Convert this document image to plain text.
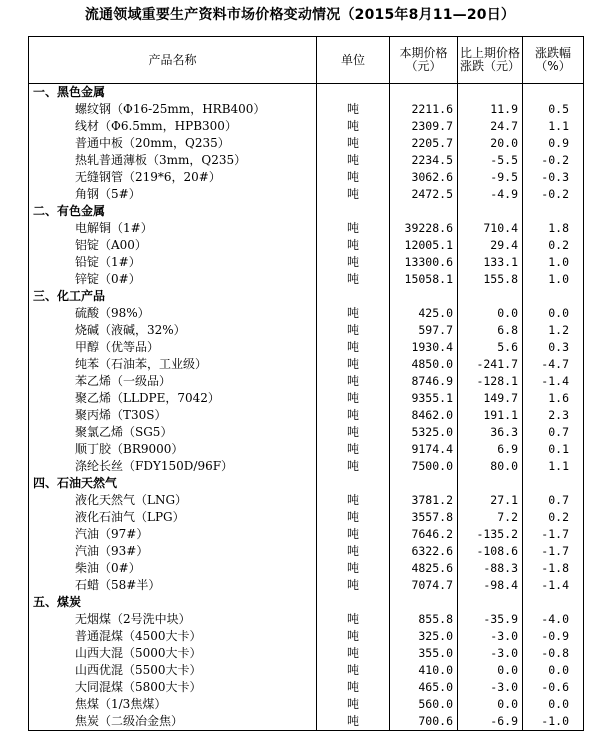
流通领域重要生产资料市场价格变动情况（2015年8月11—20日）
产品名称	单位	本期价格（元）	比上期价格涨跌（元）	涨跌幅（%）
一、黑色金属				
螺纹钢（Φ16-25mm，HRB400）	吨	2211.6	11.9	0.5
线材（Φ6.5mm，HPB300）	吨	2309.7	24.7	1.1
普通中板（20mm，Q235）	吨	2205.7	20.0	0.9
热轧普通薄板（3mm，Q235）	吨	2234.5	-5.5	-0.2
无缝钢管（219*6，20#）	吨	3062.6	-9.5	-0.3
角钢（5#）	吨	2472.5	-4.9	-0.2
二、有色金属				
电解铜（1#）	吨	39228.6	710.4	1.8
铝锭（A00）	吨	12005.1	29.4	0.2
铅锭（1#）	吨	13300.6	133.1	1.0
锌锭（0#）	吨	15058.1	155.8	1.0
三、化工产品				
硫酸（98%）	吨	425.0	0.0	0.0
烧碱（液碱，32%）	吨	597.7	6.8	1.2
甲醇（优等品）	吨	1930.4	5.6	0.3
纯苯（石油苯，工业级）	吨	4850.0	-241.7	-4.7
苯乙烯（一级品）	吨	8746.9	-128.1	-1.4
聚乙烯（LLDPE，7042）	吨	9355.1	149.7	1.6
聚丙烯（T30S）	吨	8462.0	191.1	2.3
聚氯乙烯（SG5）	吨	5325.0	36.3	0.7
顺丁胶（BR9000）	吨	9174.4	6.9	0.1
涤纶长丝（FDY150D/96F）	吨	7500.0	80.0	1.1
四、石油天然气				
液化天然气（LNG）	吨	3781.2	27.1	0.7
液化石油气（LPG）	吨	3557.8	7.2	0.2
汽油（97#）	吨	7646.2	-135.2	-1.7
汽油（93#）	吨	6322.6	-108.6	-1.7
柴油（0#）	吨	4825.6	-88.3	-1.8
石蜡（58#半）	吨	7074.7	-98.4	-1.4
五、煤炭				
无烟煤（2号洗中块）	吨	855.8	-35.9	-4.0
普通混煤（4500大卡）	吨	325.0	-3.0	-0.9
山西大混（5000大卡）	吨	355.0	-3.0	-0.8
山西优混（5500大卡）	吨	410.0	0.0	0.0
大同混煤（5800大卡）	吨	465.0	-3.0	-0.6
焦煤（1/3焦煤）	吨	560.0	0.0	0.0
焦炭（二级冶金焦）	吨	700.6	-6.9	-1.0
